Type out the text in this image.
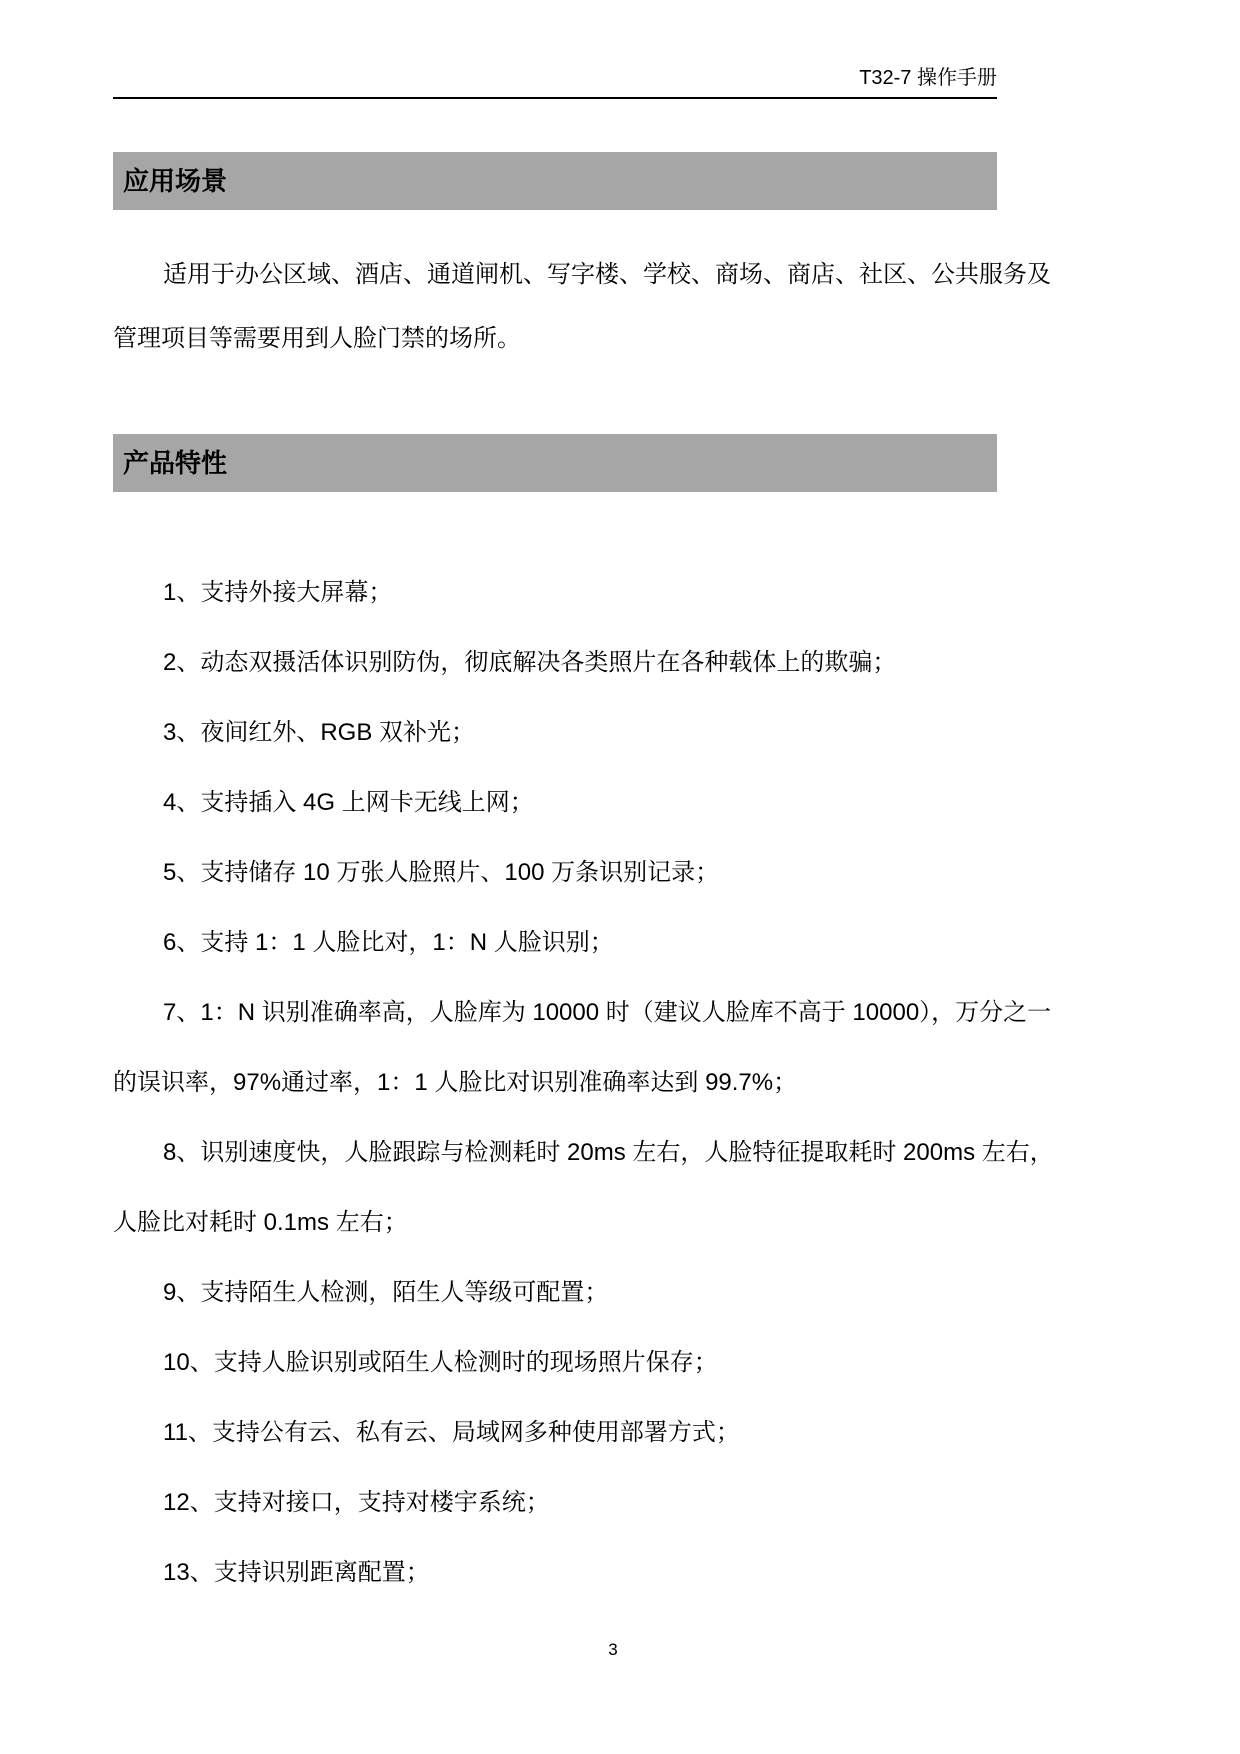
T32-7 操作手册
应用场景
适用于办公区域、酒店、通道闸机、写字楼、学校、商场、商店、社区、公共服务及
管理项目等需要用到人脸门禁的场所。
产品特性
1、支持外接大屏幕；
2、动态双摄活体识别防伪，彻底解决各类照片在各种载体上的欺骗；
3、夜间红外、RGB 双补光；
4、支持插入 4G 上网卡无线上网；
5、支持储存 10 万张人脸照片、100 万条识别记录；
6、支持 1：1 人脸比对，1：N 人脸识别；
7、1：N 识别准确率高，人脸库为 10000 时（建议人脸库不高于 10000），万分之一
的误识率，97%通过率，1：1 人脸比对识别准确率达到 99.7%；
8、识别速度快，人脸跟踪与检测耗时 20ms 左右，人脸特征提取耗时 200ms 左右，
人脸比对耗时 0.1ms 左右；
9、支持陌生人检测，陌生人等级可配置；
10、支持人脸识别或陌生人检测时的现场照片保存；
11、支持公有云、私有云、局域网多种使用部署方式；
12、支持对接口，支持对楼宇系统；
13、支持识别距离配置；
3
